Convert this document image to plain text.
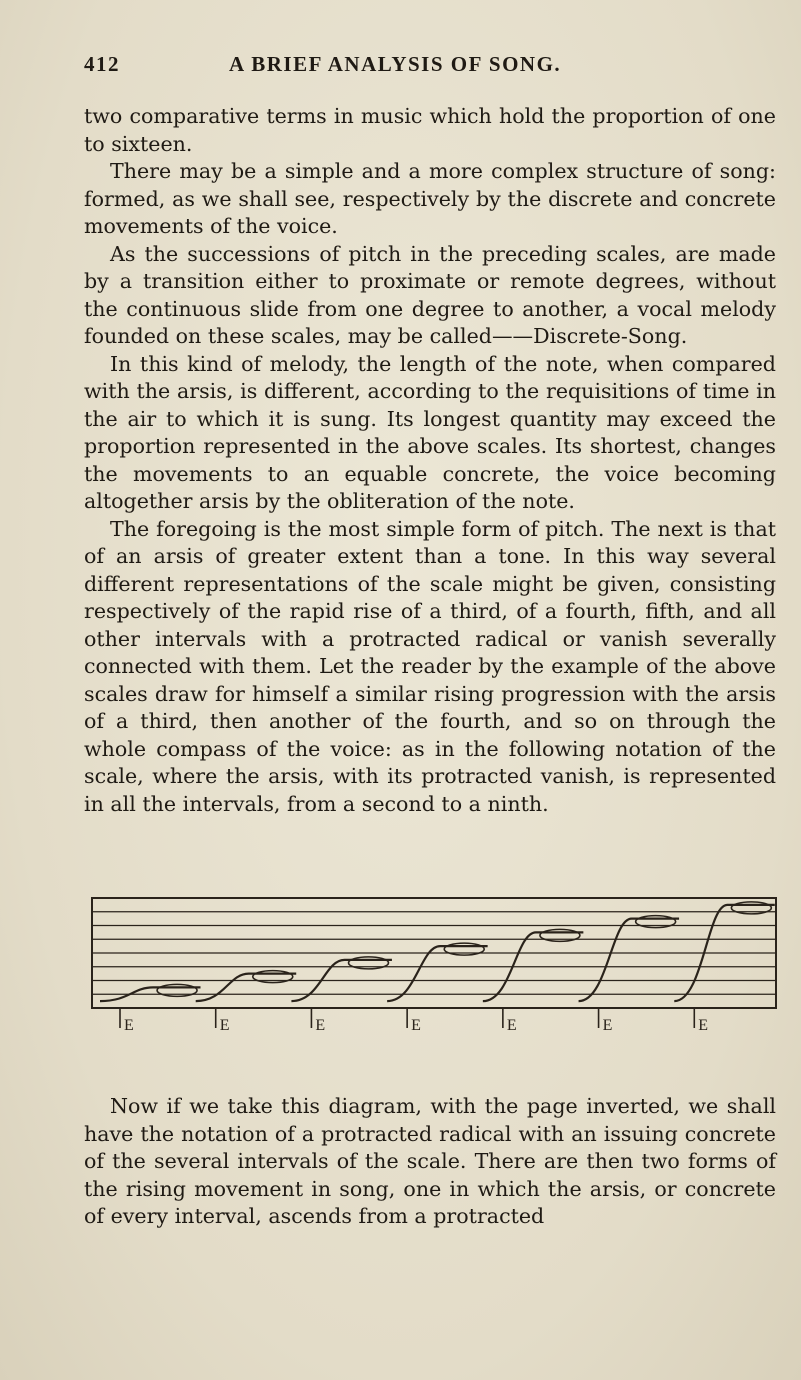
412	A BRIEF ANALYSIS OF SONG.

two comparative terms in music which hold the proportion of one to sixteen.

There may be a simple and a more complex structure of song: formed, as we shall see, respectively by the discrete and concrete movements of the voice.

As the successions of pitch in the preceding scales, are made by a transition either to proximate or remote degrees, without the continuous slide from one degree to another, a vocal melody founded on these scales, may be called——Discrete-Song.

In this kind of melody, the length of the note, when compared with the arsis, is different, according to the requisitions of time in the air to which it is sung. Its longest quantity may exceed the proportion represented in the above scales. Its shortest, changes the movements to an equable concrete, the voice becoming altogether arsis by the obliteration of the note.

The foregoing is the most simple form of pitch. The next is that of an arsis of greater extent than a tone. In this way several different representations of the scale might be given, consisting respectively of the rapid rise of a third, of a fourth, fifth, and all other intervals with a protracted radical or vanish severally connected with them. Let the reader by the example of the above scales draw for himself a similar rising progression with the arsis of a third, then another of the fourth, and so on through the whole compass of the voice: as in the following notation of the scale, where the arsis, with its protracted vanish, is represented in all the intervals, from a second to a ninth.

E	E	E	E	E	E	E

Now if we take this diagram, with the page inverted, we shall have the notation of a protracted radical with an issuing concrete of the several intervals of the scale. There are then two forms of the rising movement in song, one in which the arsis, or concrete of every interval, ascends from a protracted
